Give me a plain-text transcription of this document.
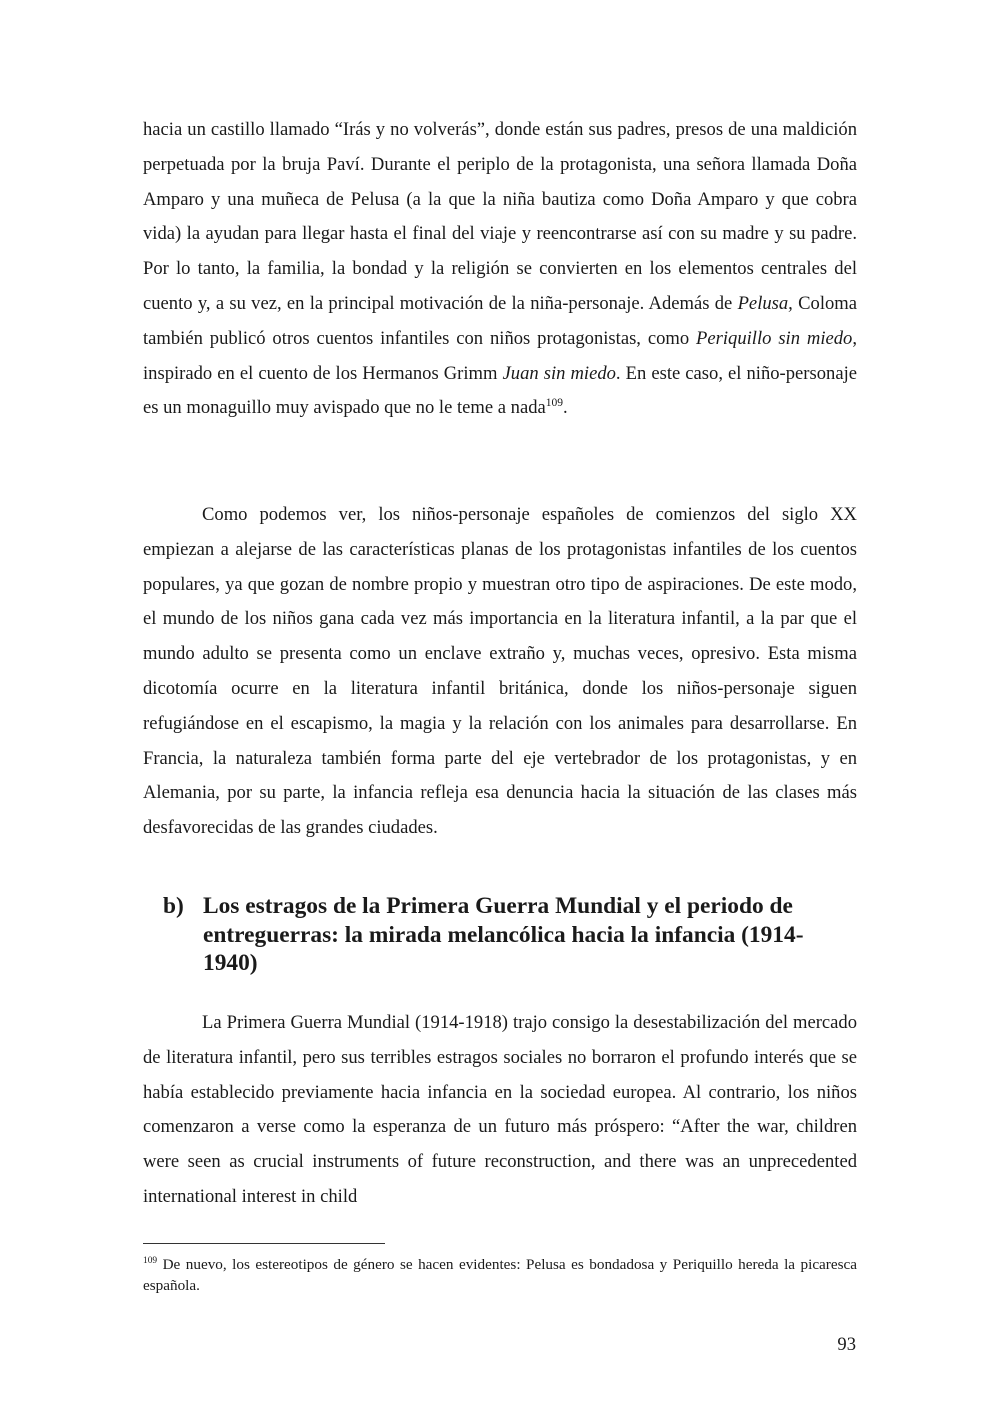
hacia un castillo llamado “Irás y no volverás”, donde están sus padres, presos de una maldición perpetuada por la bruja Paví. Durante el periplo de la protagonista, una señora llamada Doña Amparo y una muñeca de Pelusa (a la que la niña bautiza como Doña Amparo y que cobra vida) la ayudan para llegar hasta el final del viaje y reencontrarse así con su madre y su padre. Por lo tanto, la familia, la bondad y la religión se convierten en los elementos centrales del cuento y, a su vez, en la principal motivación de la niña-personaje. Además de Pelusa, Coloma también publicó otros cuentos infantiles con niños protagonistas, como Periquillo sin miedo, inspirado en el cuento de los Hermanos Grimm Juan sin miedo. En este caso, el niño-personaje es un monaguillo muy avispado que no le teme a nada$^{109}$.

Como podemos ver, los niños-personaje españoles de comienzos del siglo XX empiezan a alejarse de las características planas de los protagonistas infantiles de los cuentos populares, ya que gozan de nombre propio y muestran otro tipo de aspiraciones. De este modo, el mundo de los niños gana cada vez más importancia en la literatura infantil, a la par que el mundo adulto se presenta como un enclave extraño y, muchas veces, opresivo. Esta misma dicotomía ocurre en la literatura infantil británica, donde los niños-personaje siguen refugiándose en el escapismo, la magia y la relación con los animales para desarrollarse. En Francia, la naturaleza también forma parte del eje vertebrador de los protagonistas, y en Alemania, por su parte, la infancia refleja esa denuncia hacia la situación de las clases más desfavorecidas de las grandes ciudades.

b) Los estragos de la Primera Guerra Mundial y el periodo de entreguerras: la mirada melancólica hacia la infancia (1914-1940)

La Primera Guerra Mundial (1914-1918) trajo consigo la desestabilización del mercado de literatura infantil, pero sus terribles estragos sociales no borraron el profundo interés que se había establecido previamente hacia infancia en la sociedad europea. Al contrario, los niños comenzaron a verse como la esperanza de un futuro más próspero: “After the war, children were seen as crucial instruments of future reconstruction, and there was an unprecedented international interest in child

$^{109}$ De nuevo, los estereotipos de género se hacen evidentes: Pelusa es bondadosa y Periquillo hereda la picaresca española.

93
